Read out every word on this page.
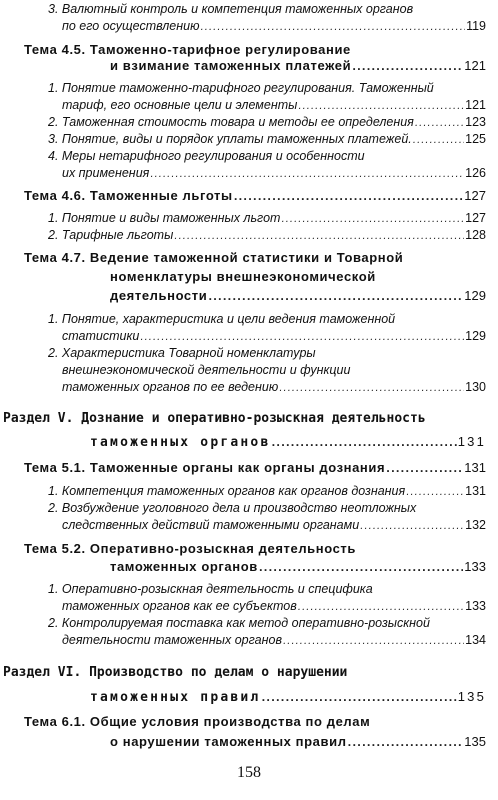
3. Валютный контроль и компетенция таможенных органов
по его осуществлению .....	119
Тема 4.5. Таможенно-тарифное регулирование
и взимание таможенных платежей .....	121
1. Понятие таможенно-тарифного регулирования. Таможенный
тариф, его основные цели и элементы .....	121
2. Таможенная стоимость товара и методы ее определения .....	123
3. Понятие, виды и порядок уплаты таможенных платежей. .....	125
4. Меры нетарифного регулирования и особенности
их применения .....	126
Тема 4.6. Таможенные льготы .....	127
1. Понятие и виды таможенных льгот .....	127
2. Тарифные льготы .....	128
Тема 4.7. Ведение таможенной статистики и Товарной
номенклатуры внешнеэкономической
деятельности .....	129
1. Понятие, характеристика и цели ведения таможенной
статистики .....	129
2. Характеристика Товарной номенклатуры
внешнеэкономической деятельности и функции
таможенных органов по ее ведению .....	130
Раздел V. Дознание и оперативно-розыскная деятельность
таможенных органов .....	131
Тема 5.1. Таможенные органы как органы дознания .....	131
1. Компетенция таможенных органов как органов дознания .....	131
2. Возбуждение уголовного дела и производство неотложных
следственных действий таможенными органами .....	132
Тема 5.2. Оперативно-розыскная деятельность
таможенных органов .....	133
1. Оперативно-розыскная деятельность и специфика
таможенных органов как ее субъектов .....	133
2. Контролируемая поставка как метод оперативно-розыскной
деятельности таможенных органов .....	134
Раздел VI. Производство по делам о нарушении
таможенных правил .....	135
Тема 6.1. Общие условия производства по делам
о нарушении таможенных правил .....	135
158
